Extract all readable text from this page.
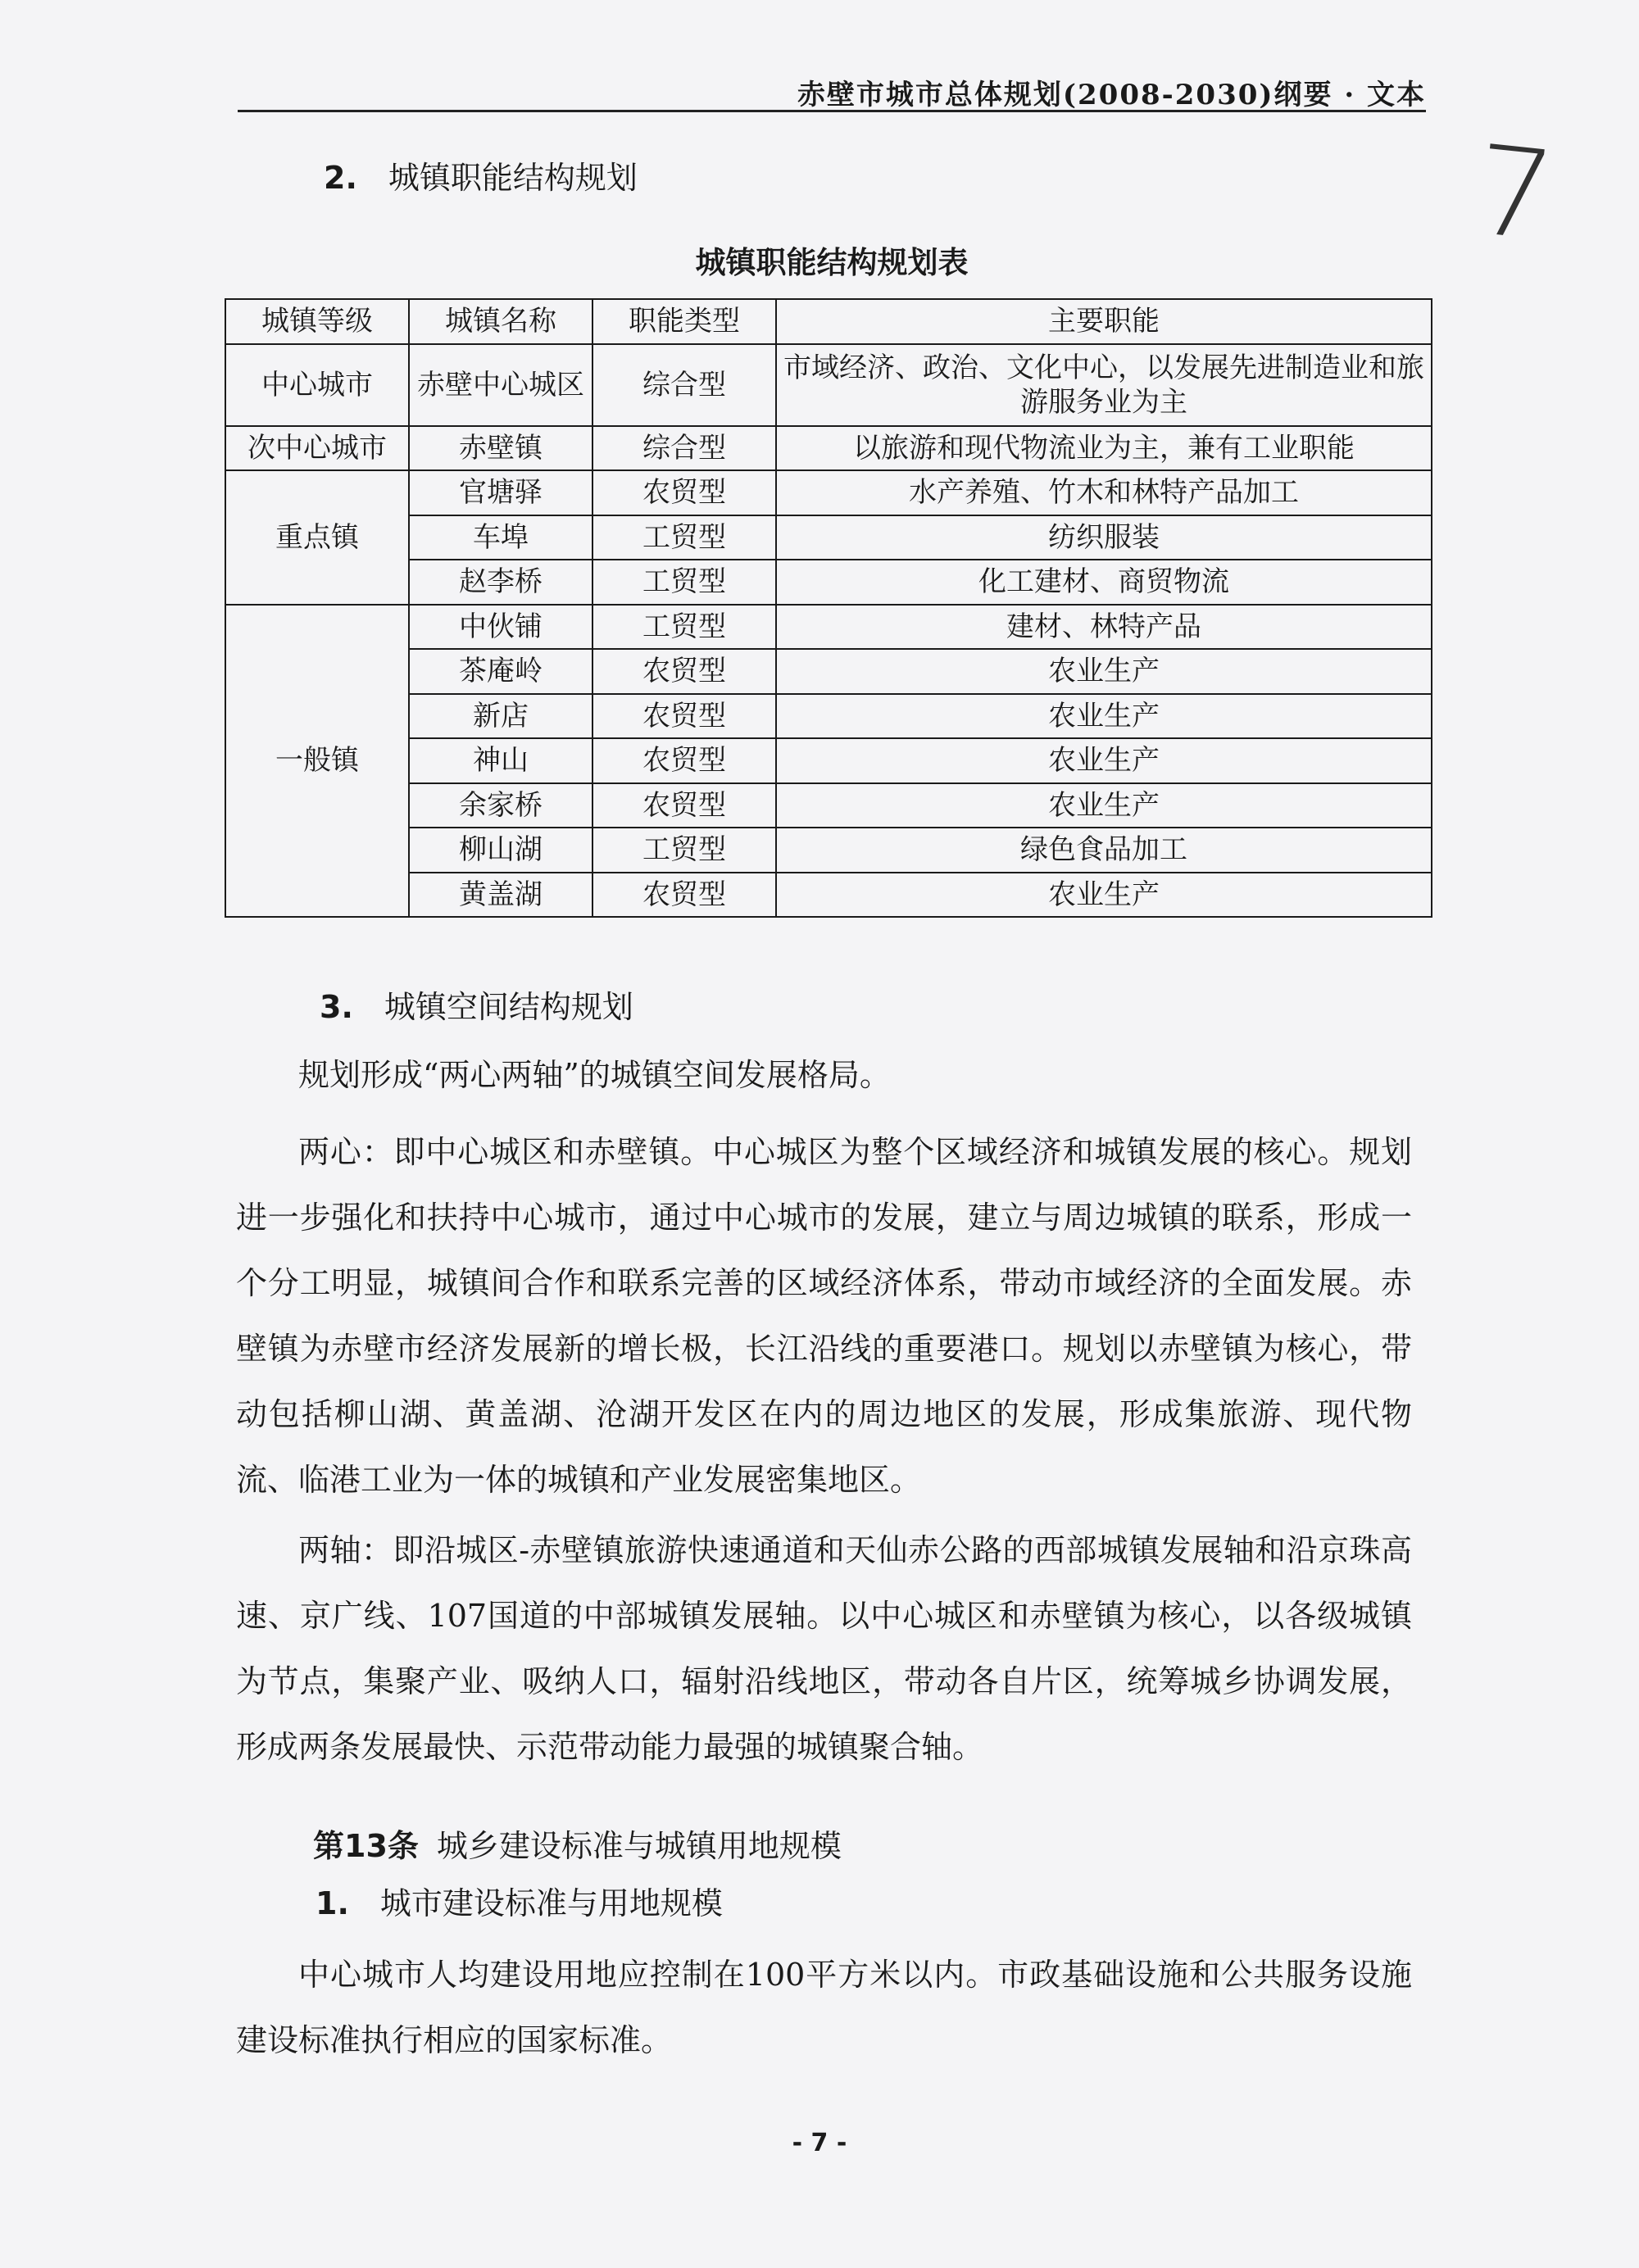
赤壁市城市总体规划(2008-2030)纲要 · 文本
7
2. 城镇职能结构规划
城镇职能结构规划表
城镇等级	城镇名称	职能类型	主要职能
中心城市	赤壁中心城区	综合型	市域经济、政治、文化中心，以发展先进制造业和旅游服务业为主
次中心城市	赤壁镇	综合型	以旅游和现代物流业为主，兼有工业职能
重点镇	官塘驿	农贸型	水产养殖、竹木和林特产品加工
	车埠	工贸型	纺织服装
	赵李桥	工贸型	化工建材、商贸物流
一般镇	中伙铺	工贸型	建材、林特产品
	茶庵岭	农贸型	农业生产
	新店	农贸型	农业生产
	神山	农贸型	农业生产
	余家桥	农贸型	农业生产
	柳山湖	工贸型	绿色食品加工
	黄盖湖	农贸型	农业生产
3. 城镇空间结构规划
规划形成“两心两轴”的城镇空间发展格局。
两心：即中心城区和赤壁镇。中心城区为整个区域经济和城镇发展的核心。规划进一步强化和扶持中心城市，通过中心城市的发展，建立与周边城镇的联系，形成一个分工明显，城镇间合作和联系完善的区域经济体系，带动市域经济的全面发展。赤壁镇为赤壁市经济发展新的增长极，长江沿线的重要港口。规划以赤壁镇为核心，带动包括柳山湖、黄盖湖、沧湖开发区在内的周边地区的发展，形成集旅游、现代物流、临港工业为一体的城镇和产业发展密集地区。
两轴：即沿城区-赤壁镇旅游快速通道和天仙赤公路的西部城镇发展轴和沿京珠高速、京广线、107国道的中部城镇发展轴。以中心城区和赤壁镇为核心，以各级城镇为节点，集聚产业、吸纳人口，辐射沿线地区，带动各自片区，统筹城乡协调发展，形成两条发展最快、示范带动能力最强的城镇聚合轴。
第13条 城乡建设标准与城镇用地规模
1. 城市建设标准与用地规模
中心城市人均建设用地应控制在100平方米以内。市政基础设施和公共服务设施建设标准执行相应的国家标准。
- 7 -
